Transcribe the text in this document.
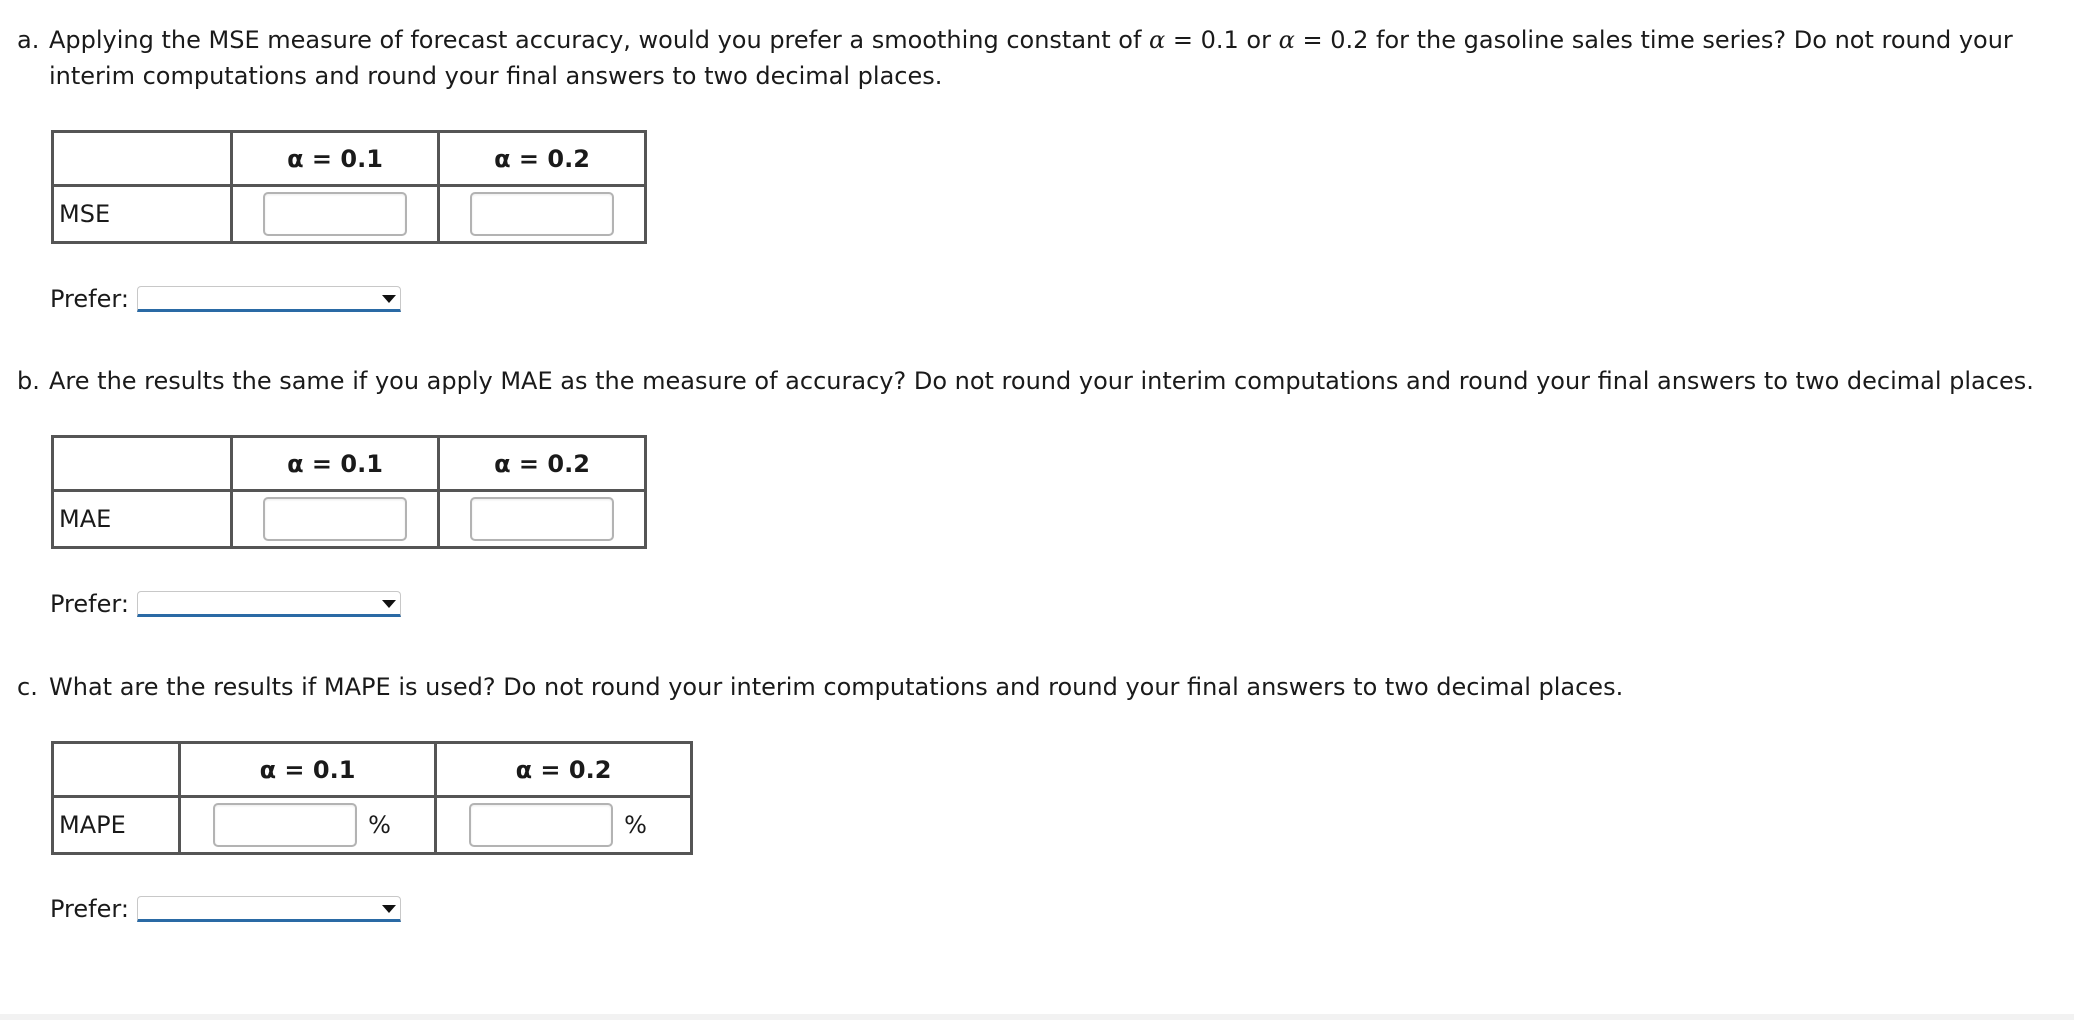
a. Applying the MSE measure of forecast accuracy, would you prefer a smoothing constant of α = 0.1 or α = 0.2 for the gasoline sales time series? Do not round your
interim computations and round your final answers to two decimal places.
	α = 0.1	α = 0.2
MSE		
Prefer:
b. Are the results the same if you apply MAE as the measure of accuracy? Do not round your interim computations and round your final answers to two decimal places.
	α = 0.1	α = 0.2
MAE		
Prefer:
c. What are the results if MAPE is used? Do not round your interim computations and round your final answers to two decimal places.
	α = 0.1	α = 0.2
MAPE	%	%
Prefer:
